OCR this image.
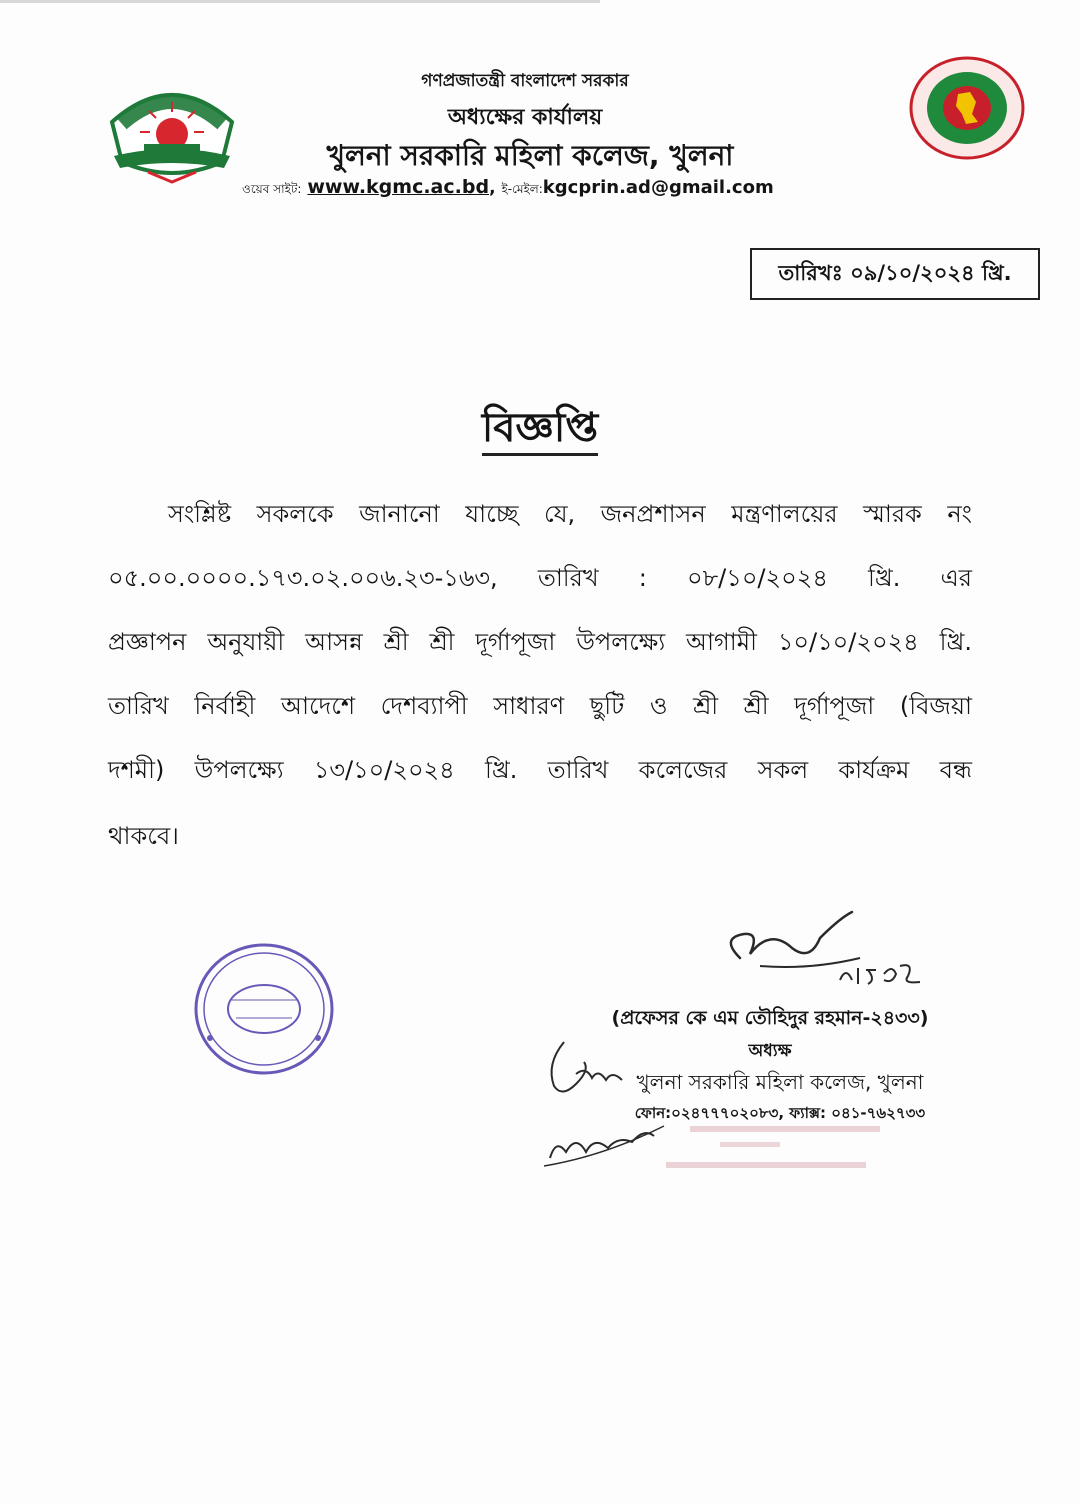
গণপ্রজাতন্ত্রী বাংলাদেশ সরকার
অধ্যক্ষের কার্যালয়
খুলনা সরকারি মহিলা কলেজ, খুলনা
ওয়েব সাইট: www.kgmc.ac.bd, ই-মেইল:kgcprin.ad@gmail.com
তারিখঃ ০৯/১০/২০২৪ খ্রি.
বিজ্ঞপ্তি
সংশ্লিষ্ট সকলকে জানানো যাচ্ছে যে, জনপ্রশাসন মন্ত্রণালয়ের স্মারক নং
০৫.০০.০০০০.১৭৩.০২.০০৬.২৩-১৬৩, তারিখ : ০৮/১০/২০২৪ খ্রি. এর
প্রজ্ঞাপন অনুযায়ী আসন্ন শ্রী শ্রী দূর্গাপূজা উপলক্ষ্যে আগামী ১০/১০/২০২৪ খ্রি.
তারিখ নির্বাহী আদেশে দেশব্যাপী সাধারণ ছুটি ও শ্রী শ্রী দূর্গাপূজা (বিজয়া
দশমী) উপলক্ষ্যে ১৩/১০/২০২৪ খ্রি. তারিখ কলেজের সকল কার্যক্রম বন্ধ
থাকবে।
(প্রফেসর কে এম তৌহিদুর রহমান-২৪৩৩)
অধ্যক্ষ
খুলনা সরকারি মহিলা কলেজ, খুলনা
ফোন:০২৪৭৭৭০২০৮৩, ফ্যাক্স: ০৪১-৭৬২৭৩৩
